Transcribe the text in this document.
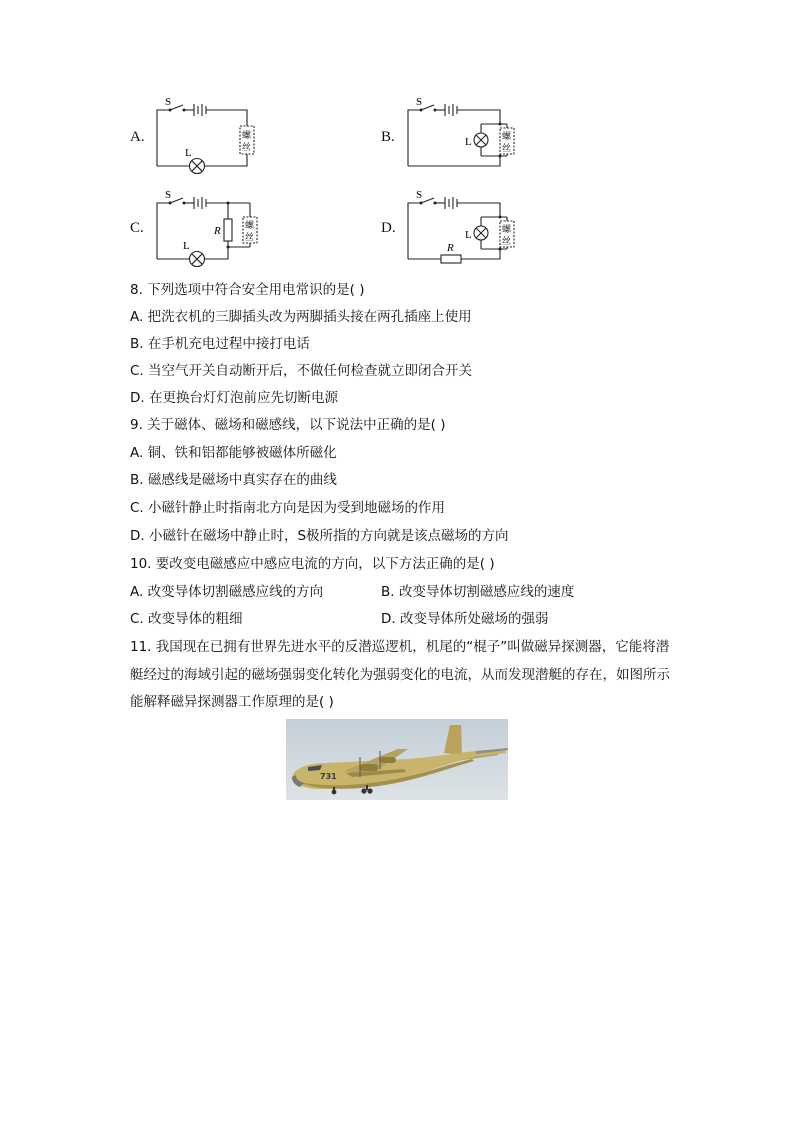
A.	B.
C.	D.
S
L
螺
丝
S
L	螺
丝
S
R
L
螺
丝
S
L
R
螺
丝
8. 下列选项中符合安全用电常识的是( )
A. 把洗衣机的三脚插头改为两脚插头接在两孔插座上使用
B. 在手机充电过程中接打电话
C. 当空气开关自动断开后，不做任何检查就立即闭合开关
D. 在更换台灯灯泡前应先切断电源
9. 关于磁体、磁场和磁感线，以下说法中正确的是( )
A. 铜、铁和铝都能够被磁体所磁化
B. 磁感线是磁场中真实存在的曲线
C. 小磁针静止时指南北方向是因为受到地磁场的作用
D. 小磁针在磁场中静止时，S极所指的方向就是该点磁场的方向
10. 要改变电磁感应中感应电流的方向，以下方法正确的是( )
A. 改变导体切割磁感应线的方向	B. 改变导体切割磁感应线的速度
C. 改变导体的粗细	D. 改变导体所处磁场的强弱
11. 我国现在已拥有世界先进水平的反潜巡逻机，机尾的“棍子”叫做磁异探测器，它能将潜
艇经过的海域引起的磁场强弱变化转化为强弱变化的电流，从而发现潜艇的存在，如图所示
能解释磁异探测器工作原理的是( )
731
